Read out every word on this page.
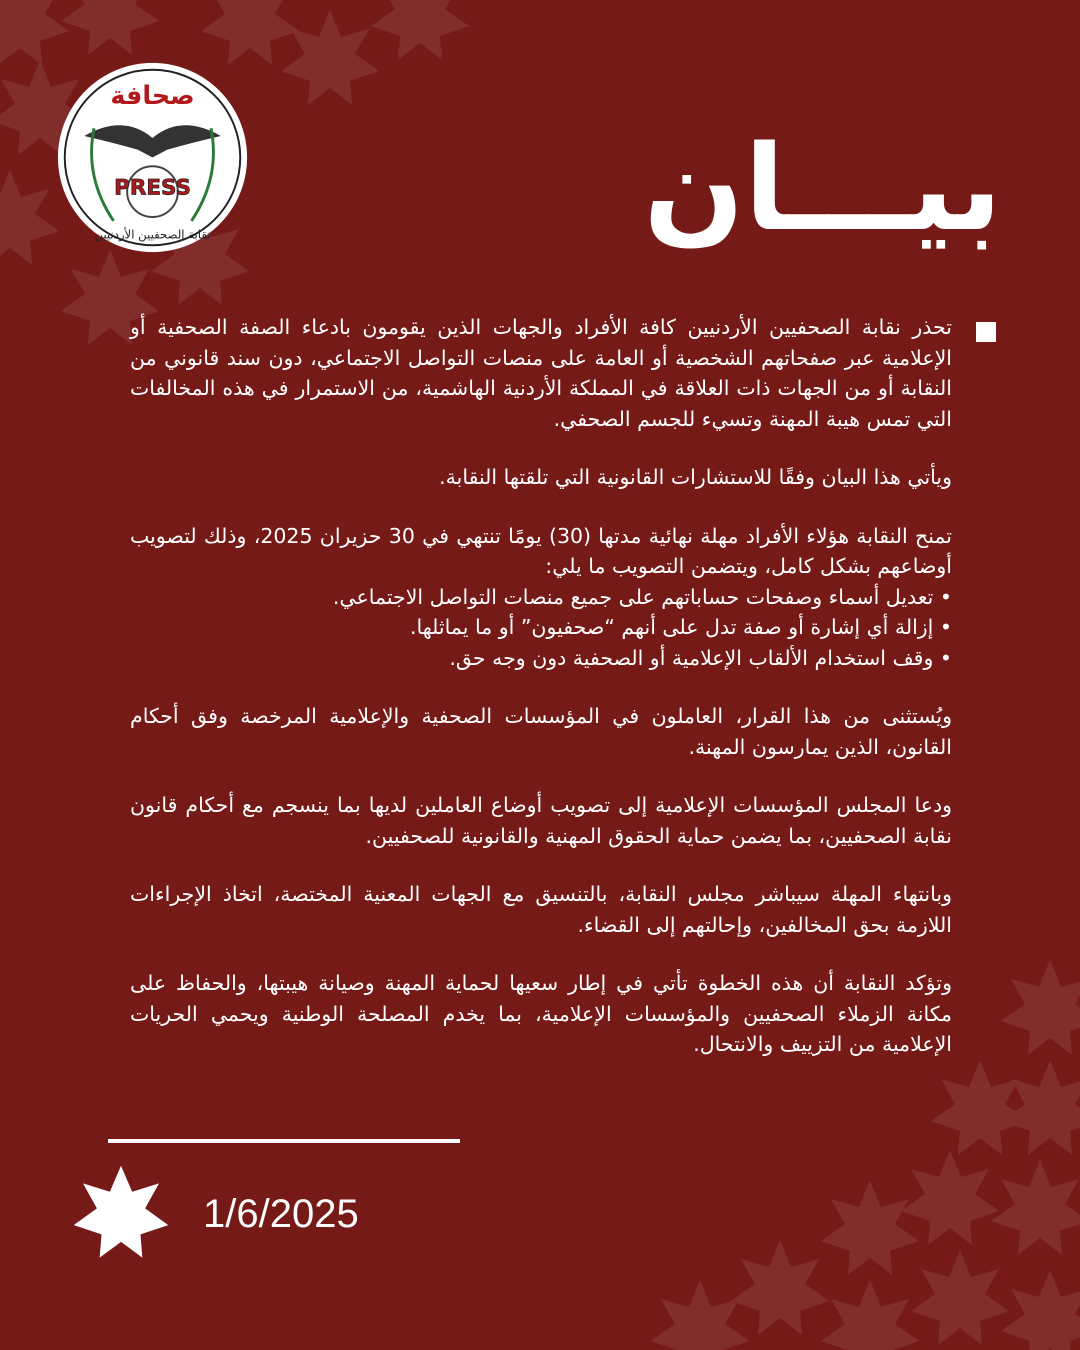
صحافة
PRESS
نقابة الصحفيين الأردنيين	بيـــان

تحذر نقابة الصحفيين الأردنيين كافة الأفراد والجهات الذين يقومون بادعاء الصفة الصحفية أو الإعلامية عبر صفحاتهم الشخصية أو العامة على منصات التواصل الاجتماعي، دون سند قانوني من النقابة أو من الجهات ذات العلاقة في المملكة الأردنية الهاشمية، من الاستمرار في هذه المخالفات التي تمس هيبة المهنة وتسيء للجسم الصحفي.

ويأتي هذا البيان وفقًا للاستشارات القانونية التي تلقتها النقابة.

تمنح النقابة هؤلاء الأفراد مهلة نهائية مدتها (30) يومًا تنتهي في 30 حزيران 2025، وذلك لتصويب أوضاعهم بشكل كامل، ويتضمن التصويب ما يلي:

• تعديل أسماء وصفحات حساباتهم على جميع منصات التواصل الاجتماعي.
• إزالة أي إشارة أو صفة تدل على أنهم “صحفيون” أو ما يماثلها.
• وقف استخدام الألقاب الإعلامية أو الصحفية دون وجه حق.

ويُستثنى من هذا القرار، العاملون في المؤسسات الصحفية والإعلامية المرخصة وفق أحكام القانون، الذين يمارسون المهنة.

ودعا المجلس المؤسسات الإعلامية إلى تصويب أوضاع العاملين لديها بما ينسجم مع أحكام قانون نقابة الصحفيين، بما يضمن حماية الحقوق المهنية والقانونية للصحفيين.

وبانتهاء المهلة سيباشر مجلس النقابة، بالتنسيق مع الجهات المعنية المختصة، اتخاذ الإجراءات اللازمة بحق المخالفين، وإحالتهم إلى القضاء.

وتؤكد النقابة أن هذه الخطوة تأتي في إطار سعيها لحماية المهنة وصيانة هيبتها، والحفاظ على مكانة الزملاء الصحفيين والمؤسسات الإعلامية، بما يخدم المصلحة الوطنية ويحمي الحريات الإعلامية من التزييف والانتحال.

1/6/2025
